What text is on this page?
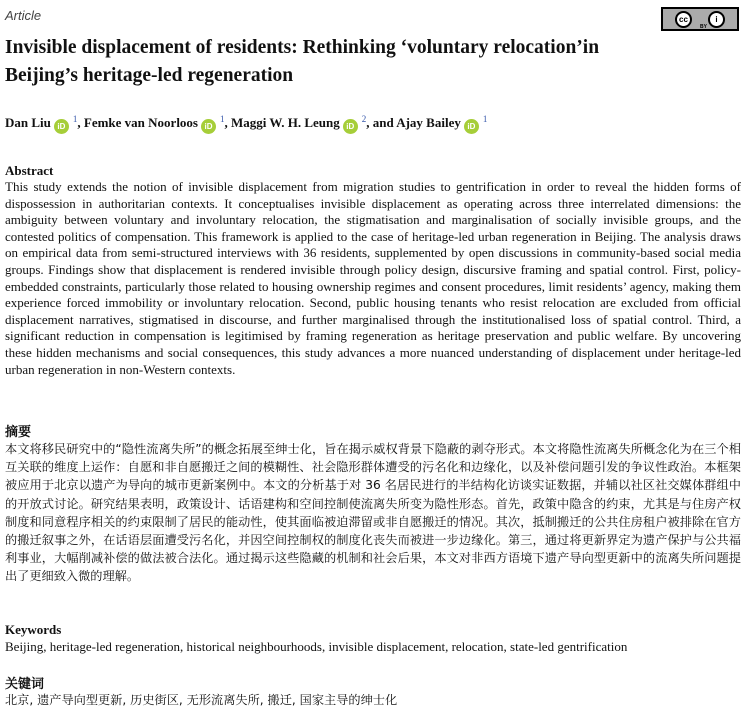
Article	cc	i
BY
Invisible displacement of residents: Rethinking ‘voluntary relocation’in Beijing’s heritage-led regeneration
Dan Liu iD$^1$, Femke van Noorloos iD$^1$, Maggi W. H. Leung iD$^2$, and Ajay Bailey iD$^1$
Abstract

This study extends the notion of invisible displacement from migration studies to gentrification in order to reveal the hidden forms of dispossession in authoritarian contexts. It conceptualises invisible displacement as operating across three interrelated dimensions: the ambiguity between voluntary and involuntary relocation, the stigmatisation and marginalisation of socially invisible groups, and the contested politics of compensation. This framework is applied to the case of heritage-led urban regeneration in Beijing. The analysis draws on empirical data from semi-structured interviews with 36 residents, supplemented by open discussions in community-based social media groups. Findings show that displacement is rendered invisible through policy design, discursive framing and spatial control. First, policy-embedded constraints, particularly those related to housing ownership regimes and consent procedures, limit residents’ agency, making them experience forced immobility or involuntary relocation. Second, public housing tenants who resist relocation are excluded from official displacement narratives, stigmatised in discourse, and further marginalised through the institutionalised loss of spatial control. Third, a significant reduction in compensation is legitimised by framing regeneration as heritage preservation and public welfare. By uncovering these hidden mechanisms and social consequences, this study advances a more nuanced understanding of displacement under heritage-led urban regeneration in non-Western contexts.

摘要

本文将移民研究中的“隐性流离失所”的概念拓展至绅士化，旨在揭示威权背景下隐蔽的剥夺形式。本文将隐性流离失所概念化为在三个相互关联的维度上运作：自愿和非自愿搬迁之间的模糊性、社会隐形群体遭受的污名化和边缘化，以及补偿问题引发的争议性政治。本框架被应用于北京以遗产为导向的城市更新案例中。本文的分析基于对 36 名居民进行的半结构化访谈实证数据，并辅以社区社交媒体群组中的开放式讨论。研究结果表明，政策设计、话语建构和空间控制使流离失所变为隐性形态。首先，政策中隐含的约束，尤其是与住房产权制度和同意程序相关的约束限制了居民的能动性，使其面临被迫滞留或非自愿搬迁的情况。其次，抵制搬迁的公共住房租户被排除在官方的搬迁叙事之外，在话语层面遭受污名化，并因空间控制权的制度化丧失而被进一步边缘化。第三，通过将更新界定为遗产保护与公共福利事业，大幅削减补偿的做法被合法化。通过揭示这些隐藏的机制和社会后果，本文对非西方语境下遗产导向型更新中的流离失所问题提出了更细致入微的理解。

Keywords

Beijing, heritage-led regeneration, historical neighbourhoods, invisible displacement, relocation, state-led gentrification

关键词

北京, 遗产导向型更新, 历史街区, 无形流离失所, 搬迁, 国家主导的绅士化
